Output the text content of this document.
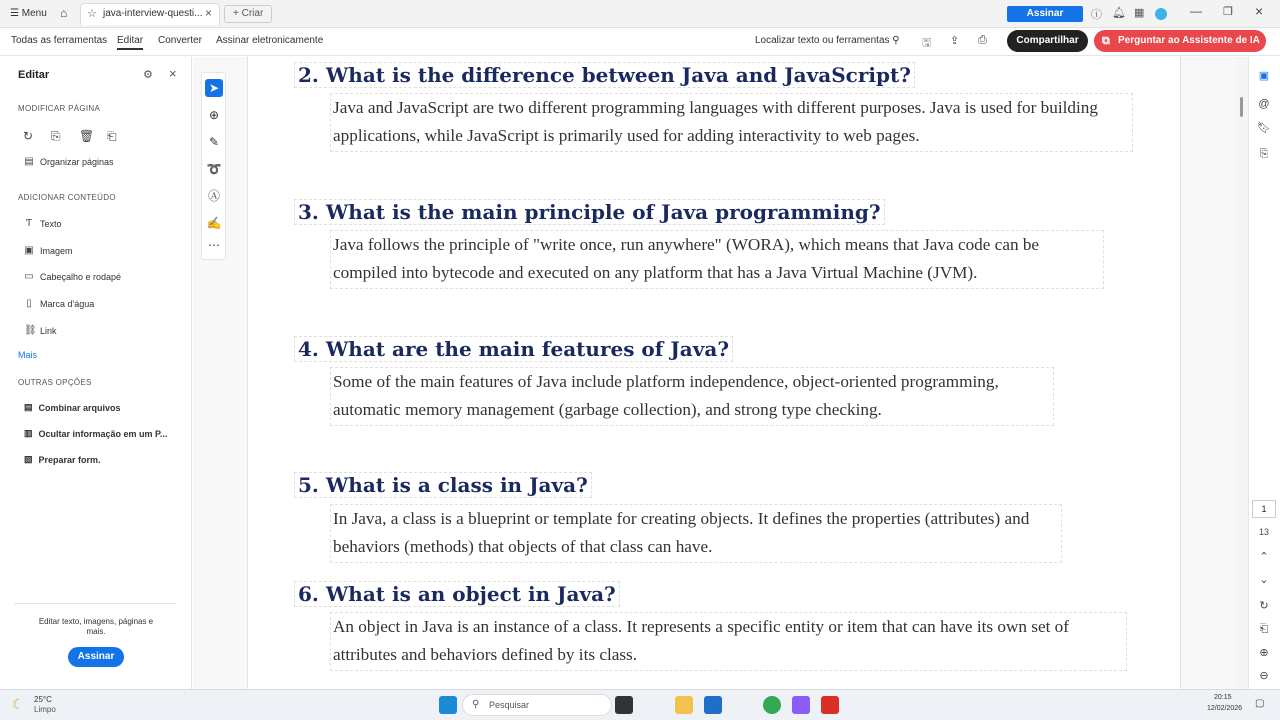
☰ Menu ⌂ ☆ java-interview-questi... ×	+ Criar	Assinar	ⓘ 🔔︎ ▦	— ❐ ×
Todas as ferramentas Editar Converter Assinar eletronicamente	Localizar texto ou ferramentas ⚲ 🖫 ⇪ ⎙	Compartilhar	⧉ Perguntar ao Assistente de IA
Editar	⚙ ×
MODIFICAR PÁGINA
↻ ⎘ 🗑︎ ⎗
▤ Organizar páginas
ADICIONAR CONTEÚDO
Ƭ Texto
▣ Imagem
▭ Cabeçalho e rodapé
▯ Marca d'água
⛓ Link
Mais
OUTRAS OPÇÕES
▤ Combinar arquivos
▥ Ocultar informação em um P...
▧ Preparar form.
Editar texto, imagens, páginas e mais.
Assinar
2. What is the difference between Java and JavaScript?
Java and JavaScript are two different programming languages with different purposes. Java is used for building applications, while JavaScript is primarily used for adding interactivity to web pages.
3. What is the main principle of Java programming?
Java follows the principle of "write once, run anywhere" (WORA), which means that Java code can be compiled into bytecode and executed on any platform that has a Java Virtual Machine (JVM).
4. What are the main features of Java?
Some of the main features of Java include platform independence, object-oriented programming, automatic memory management (garbage collection), and strong type checking.
5. What is a class in Java?
In Java, a class is a blueprint or template for creating objects. It defines the properties (attributes) and behaviors (methods) that objects of that class can have.
6. What is an object in Java?
An object in Java is an instance of a class. It represents a specific entity or item that can have its own set of attributes and behaviors defined by its class.
➤
⊕
✎
➰
Ⓐ
✍
⋯
▣
@
🔖︎
⎘
1
13
⌃
⌄
↻
⎗
⊕
⊖
☾ 25°C
Limpo	⚲ Pesquisar
20:15
12/02/2026 ▢
